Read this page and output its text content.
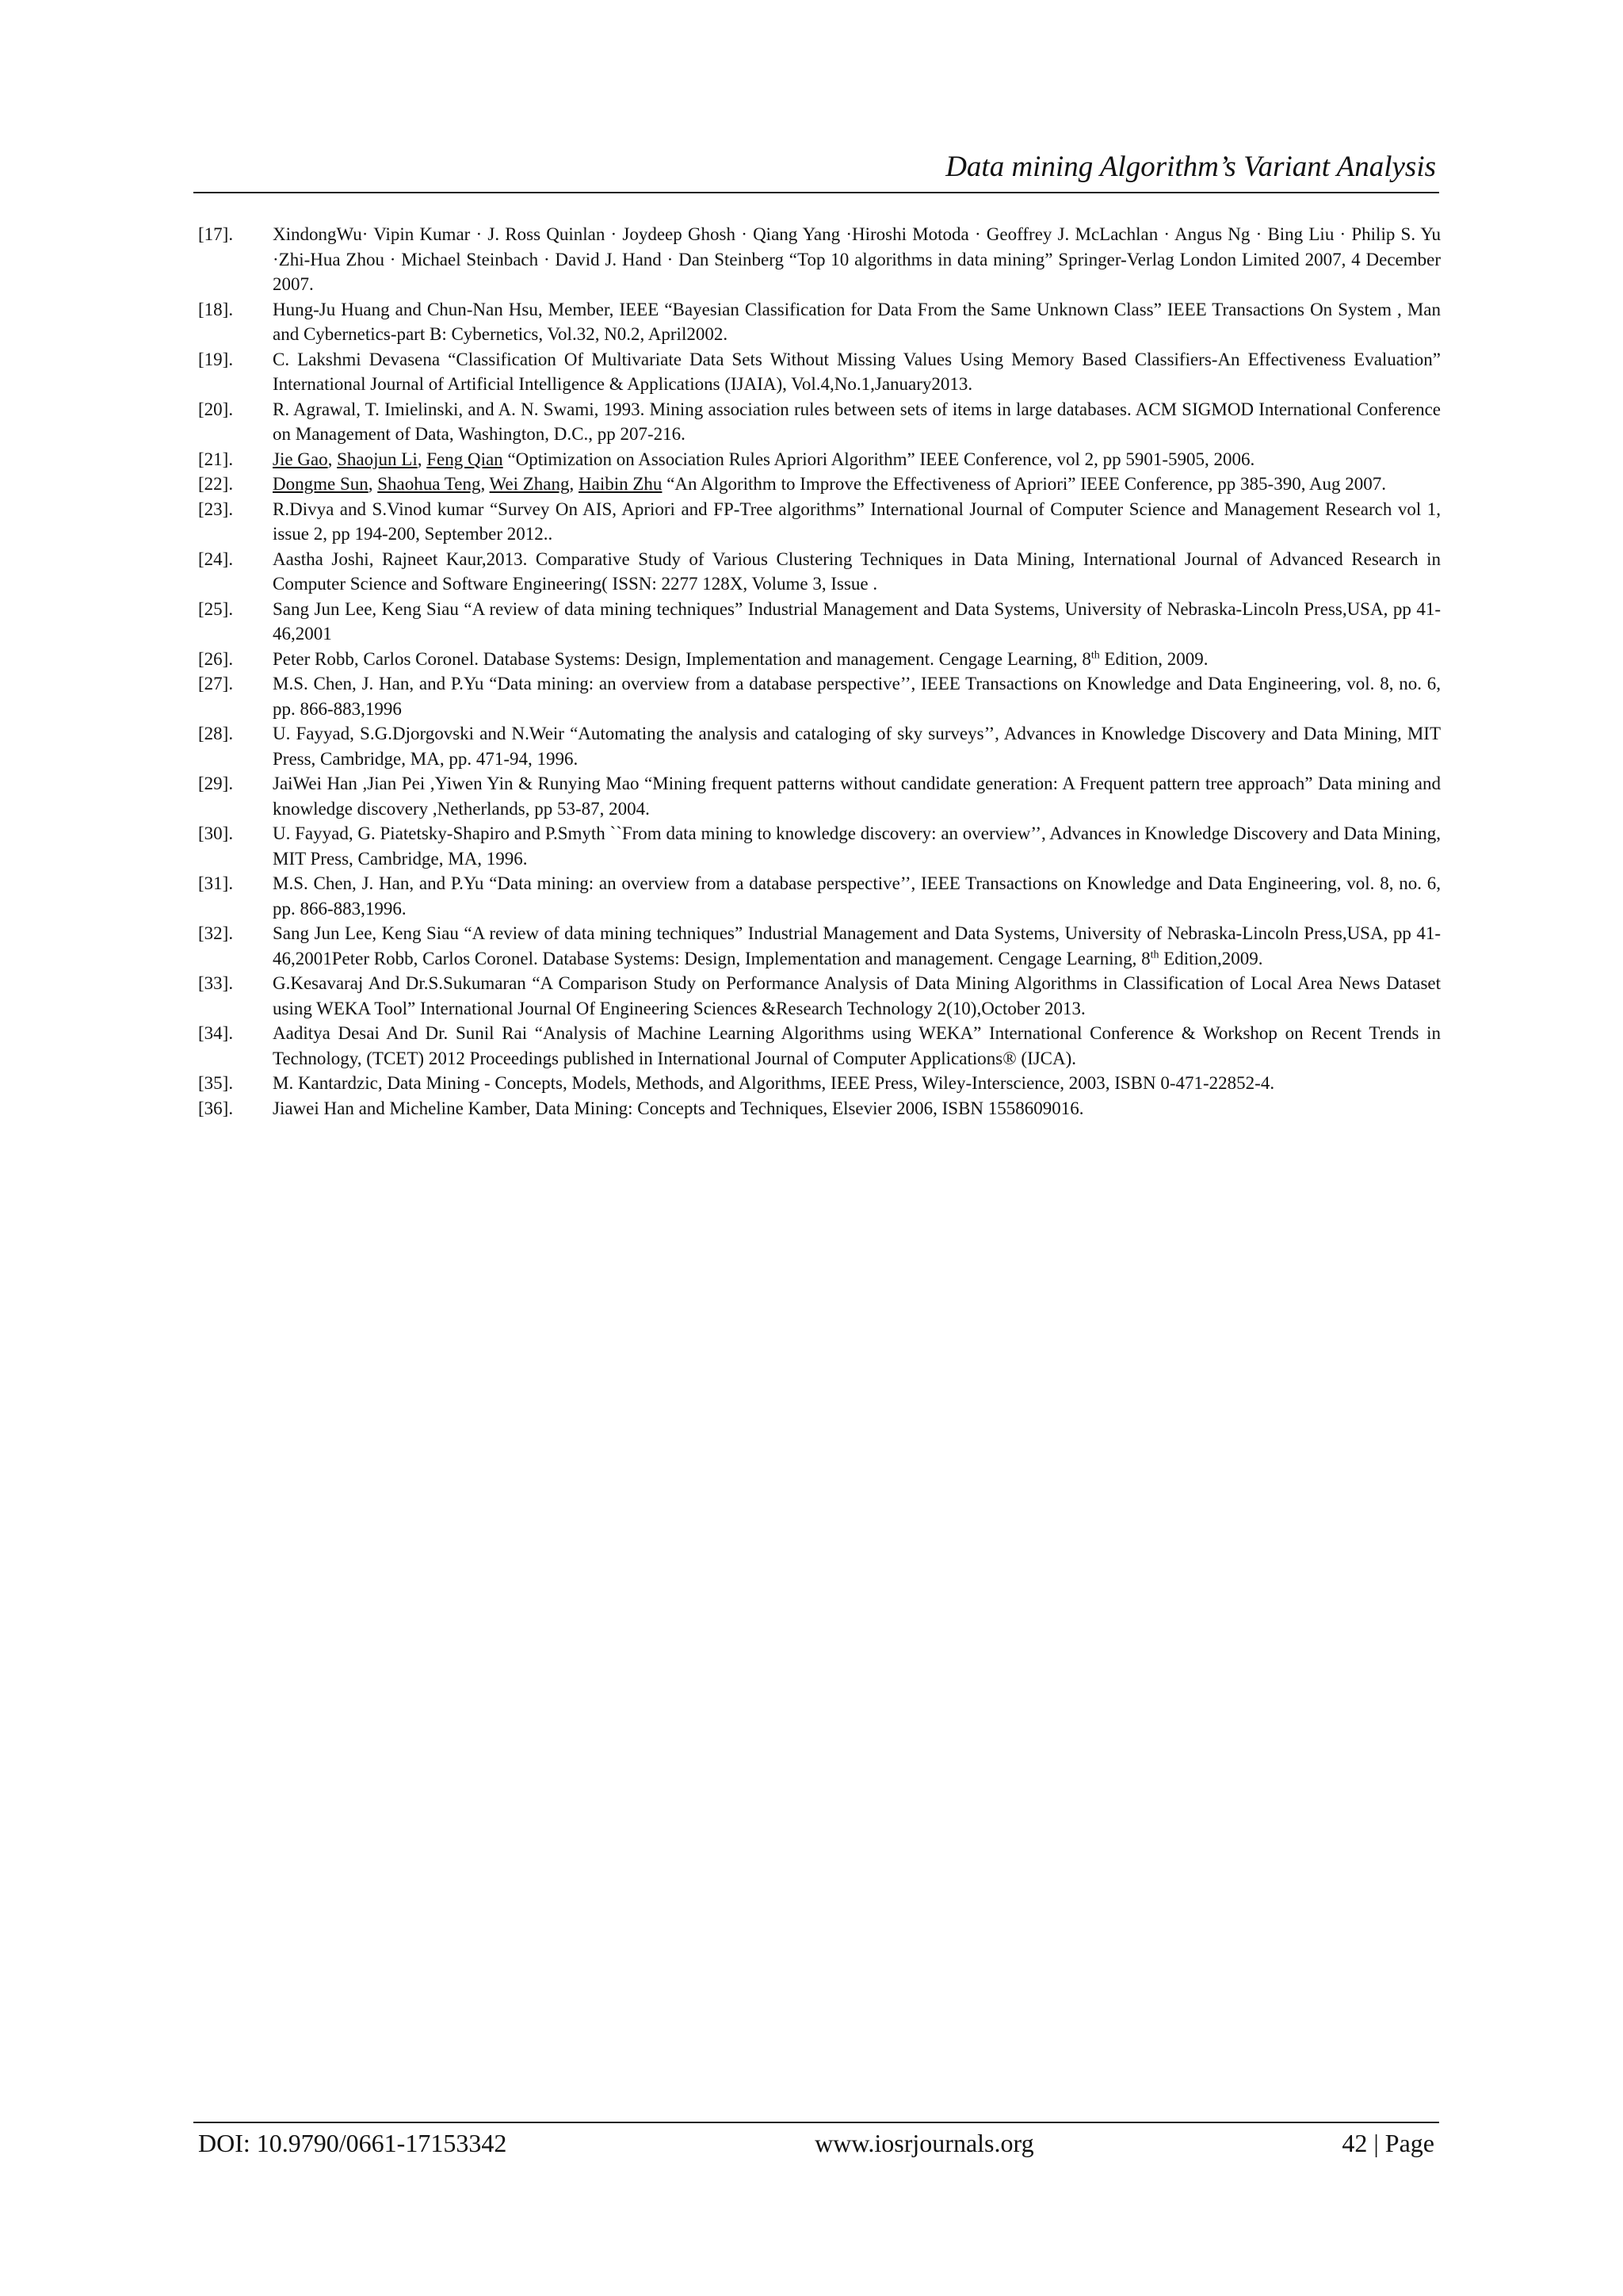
Data mining Algorithm’s Variant Analysis
[17].	XindongWu· Vipin Kumar · J. Ross Quinlan · Joydeep Ghosh · Qiang Yang ·Hiroshi Motoda · Geoffrey J. McLachlan · Angus Ng · Bing Liu · Philip S. Yu ·Zhi-Hua Zhou · Michael Steinbach · David J. Hand · Dan Steinberg “Top 10 algorithms in data mining” Springer-Verlag London Limited 2007, 4 December 2007.
[18].	Hung-Ju Huang and Chun-Nan Hsu, Member, IEEE “Bayesian Classification for Data From the Same Unknown Class” IEEE Transactions On System , Man and Cybernetics-part B: Cybernetics, Vol.32, N0.2, April2002.
[19].	C. Lakshmi Devasena “Classification Of Multivariate Data Sets Without Missing Values Using Memory Based Classifiers-An Effectiveness Evaluation” International Journal of Artificial Intelligence & Applications (IJAIA), Vol.4,No.1,January2013.
[20].	R. Agrawal, T. Imielinski, and A. N. Swami, 1993. Mining association rules between sets of items in large databases. ACM SIGMOD International Conference on Management of Data, Washington, D.C., pp 207-216.
[21].	Jie Gao, Shaojun Li, Feng Qian “Optimization on Association Rules Apriori Algorithm” IEEE Conference, vol 2, pp 5901-5905, 2006.
[22].	Dongme Sun, Shaohua Teng, Wei Zhang, Haibin Zhu “An Algorithm to Improve the Effectiveness of Apriori” IEEE Conference, pp 385-390, Aug 2007.
[23].	R.Divya and S.Vinod kumar “Survey On AIS, Apriori and FP-Tree algorithms” International Journal of Computer Science and Management Research vol 1, issue 2, pp 194-200, September 2012..
[24].	Aastha Joshi, Rajneet Kaur,2013. Comparative Study of Various Clustering Techniques in Data Mining, International Journal of Advanced Research in Computer Science and Software Engineering( ISSN: 2277 128X, Volume 3, Issue .
[25].	Sang Jun Lee, Keng Siau “A review of data mining techniques” Industrial Management and Data Systems, University of Nebraska-Lincoln Press,USA, pp 41-46,2001
[26].	Peter Robb, Carlos Coronel. Database Systems: Design, Implementation and management. Cengage Learning, 8th Edition, 2009.
[27].	M.S. Chen, J. Han, and P.Yu “Data mining: an overview from a database perspective’’, IEEE Transactions on Knowledge and Data Engineering, vol. 8, no. 6, pp. 866-883,1996
[28].	U. Fayyad, S.G.Djorgovski and N.Weir “Automating the analysis and cataloging of sky surveys’’, Advances in Knowledge Discovery and Data Mining, MIT Press, Cambridge, MA, pp. 471-94, 1996.
[29].	JaiWei Han ,Jian Pei ,Yiwen Yin & Runying Mao “Mining frequent patterns without candidate generation: A Frequent pattern tree approach” Data mining and knowledge discovery ,Netherlands, pp 53-87, 2004.
[30].	U. Fayyad, G. Piatetsky-Shapiro and P.Smyth ``From data mining to knowledge discovery: an overview’’, Advances in Knowledge Discovery and Data Mining, MIT Press, Cambridge, MA, 1996.
[31].	M.S. Chen, J. Han, and P.Yu “Data mining: an overview from a database perspective’’, IEEE Transactions on Knowledge and Data Engineering, vol. 8, no. 6, pp. 866-883,1996.
[32].	Sang Jun Lee, Keng Siau “A review of data mining techniques” Industrial Management and Data Systems, University of Nebraska-Lincoln Press,USA, pp 41-46,2001Peter Robb, Carlos Coronel. Database Systems: Design, Implementation and management. Cengage Learning, 8th Edition,2009.
[33].	G.Kesavaraj And Dr.S.Sukumaran “A Comparison Study on Performance Analysis of Data Mining Algorithms in Classification of Local Area News Dataset using WEKA Tool” International Journal Of Engineering Sciences &Research Technology 2(10),October 2013.
[34].	Aaditya Desai And Dr. Sunil Rai “Analysis of Machine Learning Algorithms using WEKA” International Conference & Workshop on Recent Trends in Technology, (TCET) 2012 Proceedings published in International Journal of Computer Applications® (IJCA).
[35].	M. Kantardzic, Data Mining - Concepts, Models, Methods, and Algorithms, IEEE Press, Wiley-Interscience, 2003, ISBN 0-471-22852-4.
[36].	Jiawei Han and Micheline Kamber, Data Mining: Concepts and Techniques, Elsevier 2006, ISBN 1558609016.
DOI: 10.9790/0661-17153342	www.iosrjournals.org	42 | Page
